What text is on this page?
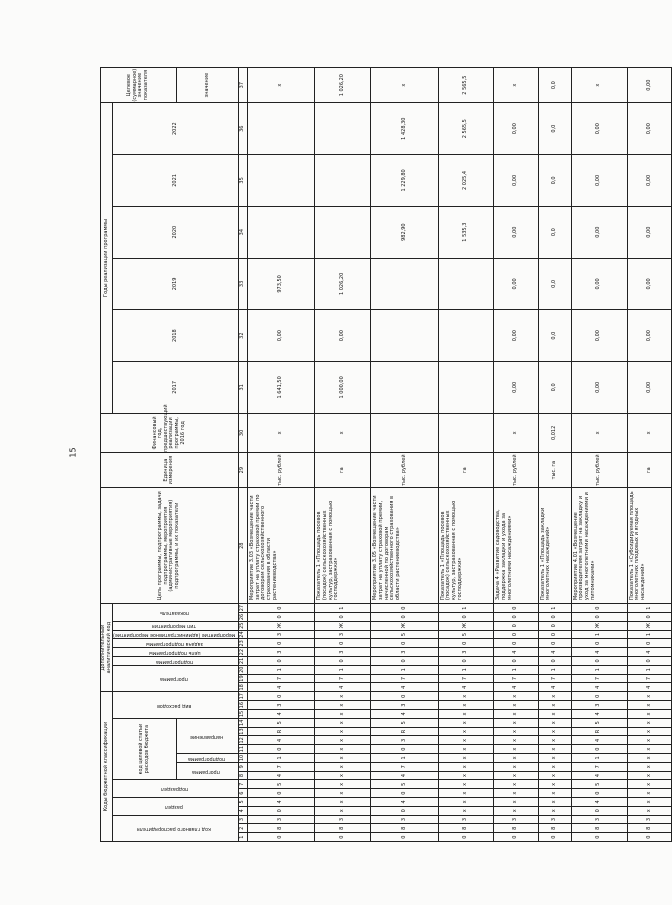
15
Коды бюджетной классификации																	Дополнительный аналитический код										Цель программы, подпрограммы, задачи подпрограммы, мероприятия (административные мероприятия) подпрограммы, и их показатели	Единица измерения	Финансовый год, предшествующий реализации программы, 2016 год	Годы реализации программы						Целевое (суммарное) значение показателя
код главного распорядителя			раздел		подраздел		код целевой статьи расходов бюджета							вид расходов			программа			подпрограмма	цель подпрограммы	задача подпрограммы	мероприятие (административное мероприятие)	тип мероприятия	показатель					2017	2018	2019	2020	2021	2022	
							программа		подпрограмма	направление																										значение
1	2	3	4	5	6	7	8	9	10	11	12	13	14	15	16	17	18	19	20	21	22	23	24	25	26	27	28	29	30	31	32	33	34	35	36	37
0	8	3	0	4	0	5	4	7	1	0	4	R	5	4	3	0	4	7	1	0	3	0	3	Ж	0	0	Мероприятие 3.03 «Возмещение части затрат на уплату страховой премии по договорам сельскохозяйственного страхования в области растениеводства»	тыс. рублей	x	1 641,50	0,00	973,50				x
0	8	3	x	x	x	x	x	x	x	x	x	x	x	x	x	x	4	7	1	0	3	0	3	Ж	0	1	Показатель 1 «Площадь посевов (посадок) сельскохозяйственных культур, застрахованная с помощью господдержки»	га	x	1 000,00	0,00	1 026,20				1 026,20
0	8	3	0	4	0	5	4	7	1	0	3	R	5	4	3	0	4	7	1	0	3	0	5	Ж	0	0	Мероприятие 3.05 «Возмещение части затрат на уплату страховой премии, начисленной по договорам сельскохозяйственного страхования в области растениеводства»	тыс. рублей					982,90	1 229,80	1 428,30	x
0	8	3	x	x	x	x	x	x	x	x	x	x	x	x	x	x	4	7	1	0	3	0	5	Ж	0	1	Показатель 1 «Площадь посевов (посадок) сельскохозяйственных культур, застрахованная с помощью господдержки»	га					1 535,3	2 025,4	2 565,5	2 565,5
0	8	3	x	x	x	x	x	x	x	x	x	x	x	x	x	x	4	7	1	0	4	0	0	0	0	0	Задача 4 «Развитие садоводства, поддержка закладки и ухода за многолетними насаждениями»	тыс. рублей	x	0,00	0,00	0,00	0,00	0,00	0,00	x
0	8	3	x	x	x	x	x	x	x	x	x	x	x	x	x	x	4	7	1	0	4	0	0	0	0	1	Показатель 1 «Площадь закладки многолетних насаждений»	тыс. га	0,012	0,0	0,0	0,0	0,0	0,0	0,0	0,0
0	8	3	0	4	0	5	4	7	1	0	4	R	5	4	3	0	4	7	1	0	4	0	1	Ж	0	0	Мероприятие 4.01 «Возмещение производителям затрат на закладку и уход за многолетними насаждениями и питомниками»	тыс. рублей	x	0,00	0,00	0,00	0,00	0,00	0,00	x
0	8	3	x	x	x	x	x	x	x	x	x	x	x	x	x	x	4	7	1	0	4	0	1	Ж	0	1	Показатель 1 «Субсидируемая площадь многолетних плодовых и ягодных насаждений»	га	x	0,00	0,00	0,00	0,00	0,00	0,00	0,00
